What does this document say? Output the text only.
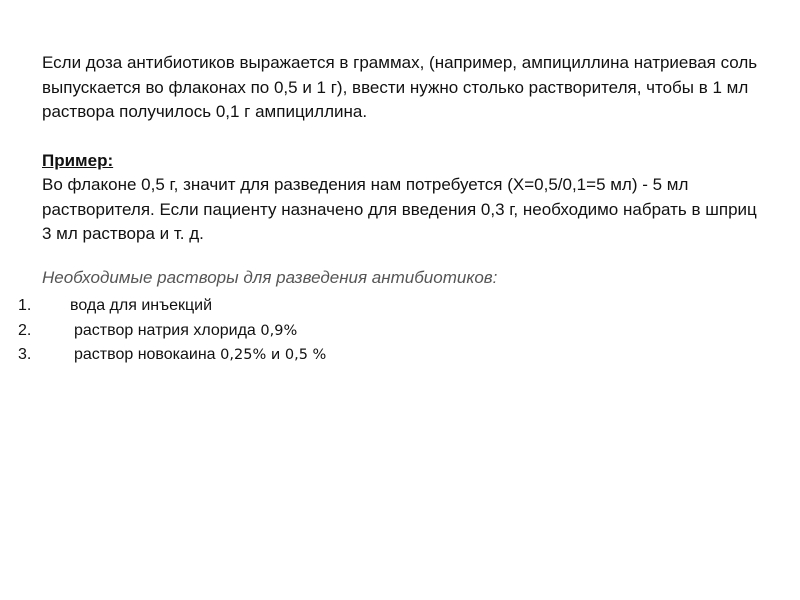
Если доза антибиотиков выражается в граммах, (например, ампициллина натриевая соль выпускается во флаконах по 0,5 и 1 г), ввести нужно столько растворителя, чтобы в 1 мл раствора получилось 0,1 г ампициллина.

Пример:

Во флаконе 0,5 г, значит для разведения нам потребуется (Х=0,5/0,1=5 мл) - 5 мл растворителя. Если пациенту назначено для введения 0,3 г, необходимо набрать в шприц 3 мл раствора и т. д.

Необходимые растворы для разведения антибиотиков:
1. вода для инъекций
2.	раствор натрия хлорида 0,9%
3.	раствор новокаина 0,25% и 0,5 %
